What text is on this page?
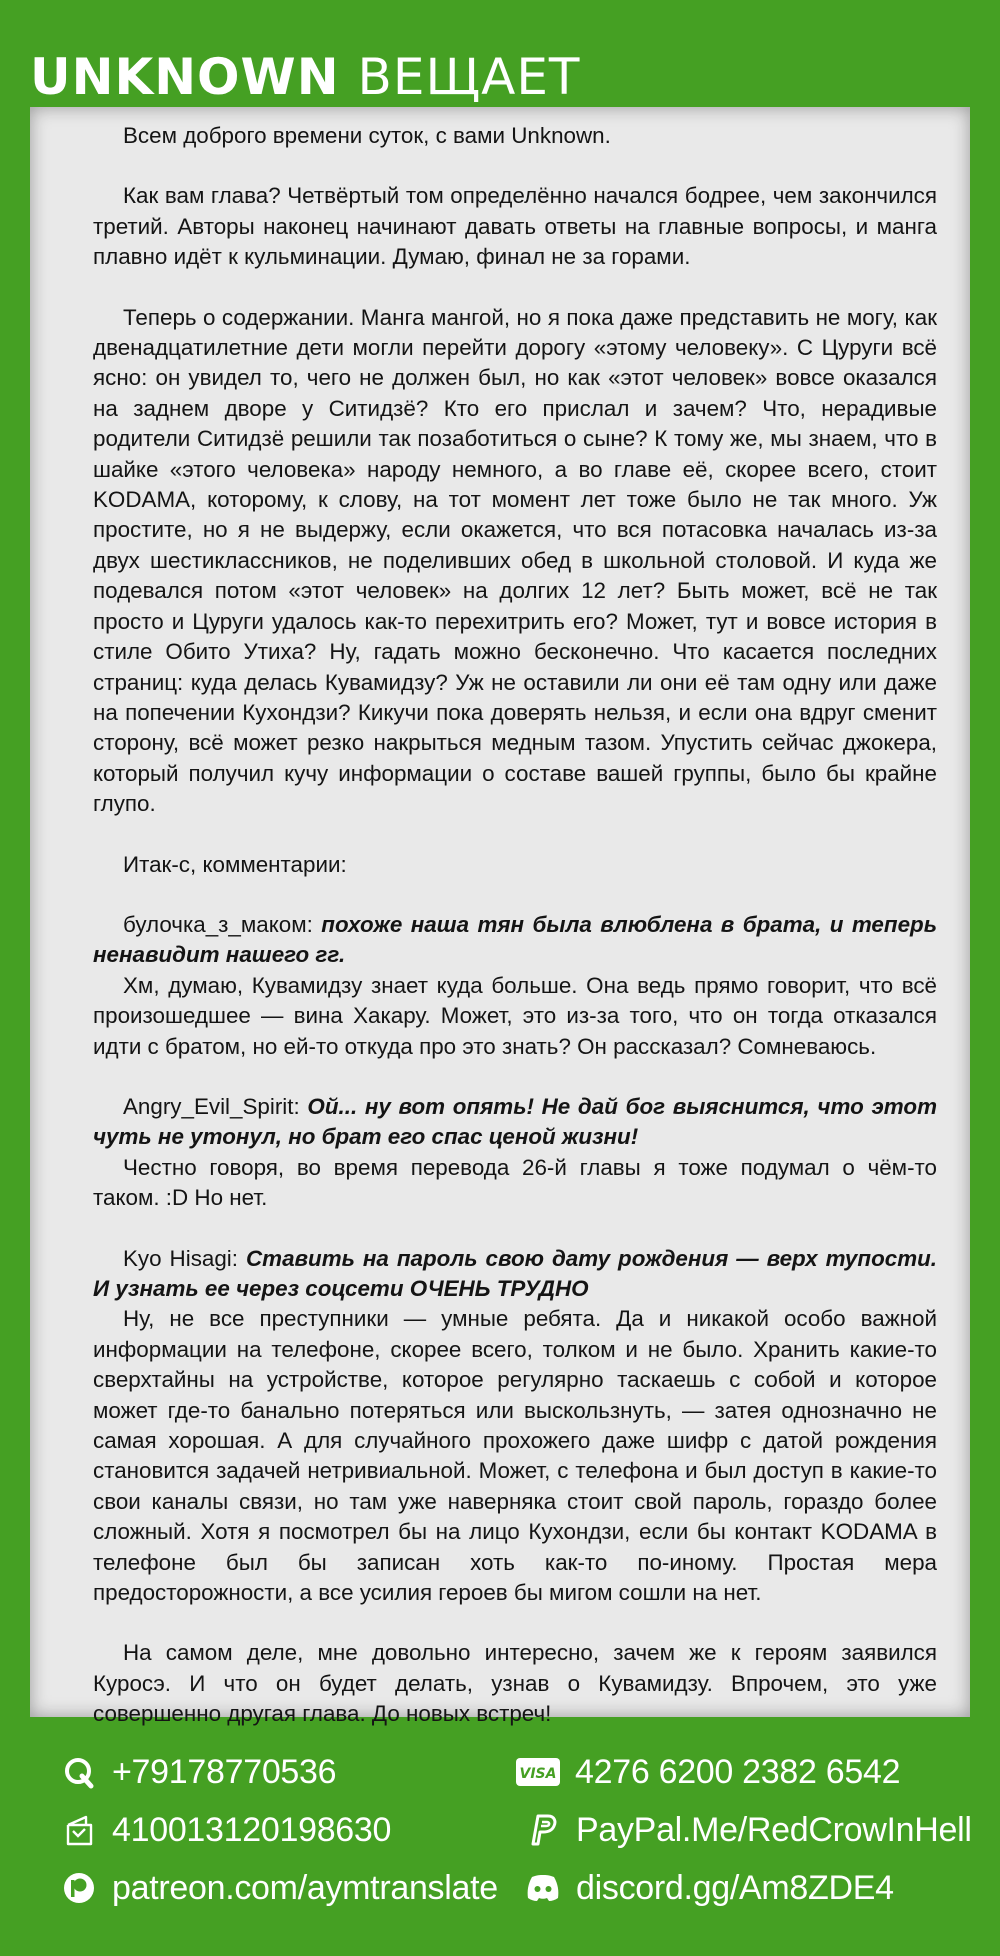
UNKNOWN ВЕЩАЕТ

Всем доброго времени суток, с вами Unknown.

Как вам глава? Четвёртый том определённо начался бодрее, чем закончился третий. Авторы наконец начинают давать ответы на главные вопросы, и манга плавно идёт к кульминации. Думаю, финал не за горами.

Теперь о содержании. Манга мангой, но я пока даже представить не могу, как двенадцатилетние дети могли перейти дорогу «этому человеку». С Цуруги всё ясно: он увидел то, чего не должен был, но как «этот человек» вовсе оказался на заднем дворе у Ситидзё? Кто его прислал и зачем? Что, нерадивые родители Ситидзё решили так позаботиться о сыне? К тому же, мы знаем, что в шайке «этого человека» народу немного, а во главе её, скорее всего, стоит KODAMA, которому, к слову, на тот момент лет тоже было не так много. Уж простите, но я не выдержу, если окажется, что вся потасовка началась из-за двух шестиклассников, не поделивших обед в школьной столовой. И куда же подевался потом «этот человек» на долгих 12 лет? Быть может, всё не так просто и Цуруги удалось как-то перехитрить его? Может, тут и вовсе история в стиле Обито Утиха? Ну, гадать можно бесконечно. Что касается последних страниц: куда делась Кувамидзу? Уж не оставили ли они её там одну или даже на попечении Кухондзи? Кикучи пока доверять нельзя, и если она вдруг сменит сторону, всё может резко накрыться медным тазом. Упустить сейчас джокера, который получил кучу информации о составе вашей группы, было бы крайне глупо.

Итак-с, комментарии:

булочка_з_маком: похоже наша тян была влюблена в брата, и теперь ненавидит нашего гг.

Хм, думаю, Кувамидзу знает куда больше. Она ведь прямо говорит, что всё произошедшее — вина Хакару. Может, это из-за того, что он тогда отказался идти с братом, но ей-то откуда про это знать? Он рассказал? Сомневаюсь.

Angry_Evil_Spirit: Ой... ну вот опять! Не дай бог выяснится, что этот чуть не утонул, но брат его спас ценой жизни!

Честно говоря, во время перевода 26-й главы я тоже подумал о чём-то таком. :D Но нет.

Kyo Hisagi: Ставить на пароль свою дату рождения — верх тупости. И узнать ее через соцсети ОЧЕНЬ ТРУДНО

Ну, не все преступники — умные ребята. Да и никакой особо важной информации на телефоне, скорее всего, толком и не было. Хранить какие-то сверхтайны на устройстве, которое регулярно таскаешь с собой и которое может где-то банально потеряться или выскользнуть, — затея однозначно не самая хорошая. А для случайного прохожего даже шифр с датой рождения становится задачей нетривиальной. Может, с телефона и был доступ в какие-то свои каналы связи, но там уже наверняка стоит свой пароль, гораздо более сложный. Хотя я посмотрел бы на лицо Кухондзи, если бы контакт KODAMA в телефоне был бы записан хоть как-то по-иному. Простая мера предосторожности, а все усилия героев бы мигом сошли на нет.

На самом деле, мне довольно интересно, зачем же к героям заявился Куросэ. И что он будет делать, узнав о Кувамидзу. Впрочем, это уже совершенно другая глава. До новых встреч!

+79178770536	VISA 4276 6200 2382 6542
410013120198630	PayPal.Me/RedCrowInHell
patreon.com/aymtranslate discord.gg/Am8ZDE4
